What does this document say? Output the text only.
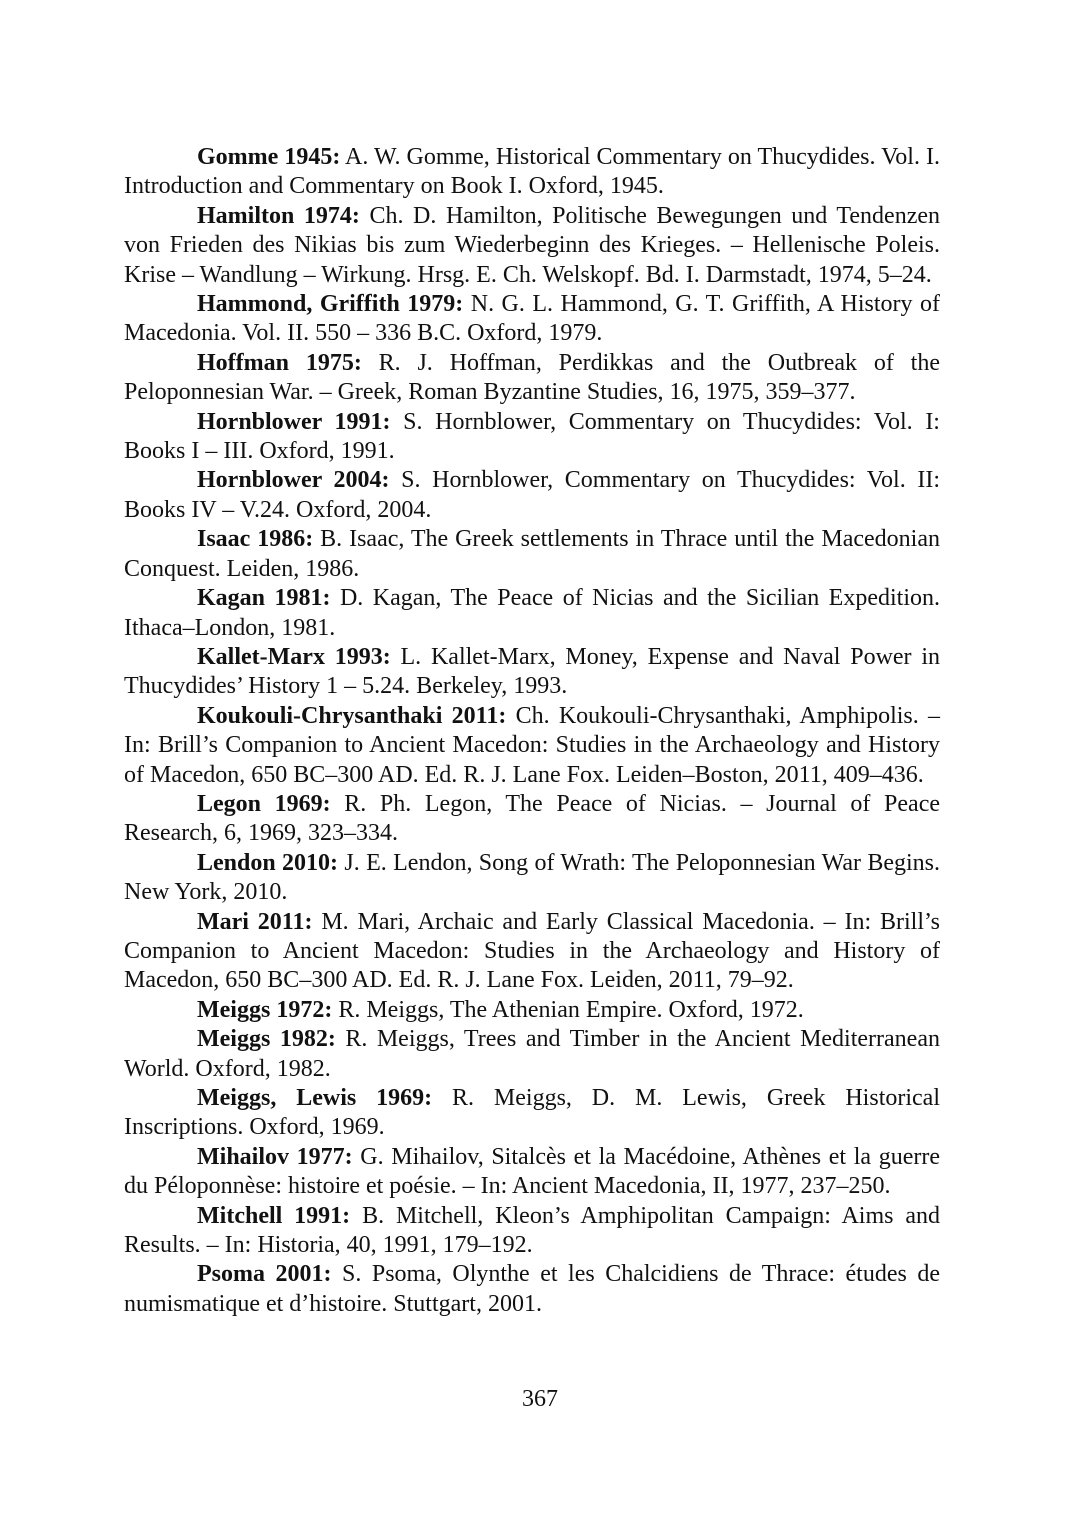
Gomme 1945: A. W. Gomme, Historical Commentary on Thucydides. Vol. I. Introduction and Commentary on Book I. Oxford, 1945.

Hamilton 1974: Ch. D. Hamilton, Politische Bewegungen und Tendenzen von Frieden des Nikias bis zum Wiederbeginn des Krieges. – Hellenische Poleis. Krise – Wandlung – Wirkung. Hrsg. E. Ch. Welskopf. Bd. I. Darmstadt, 1974, 5–24.

Hammond, Griffith 1979: N. G. L. Hammond, G. T. Griffith, A History of Macedonia. Vol. II. 550 – 336 B.C. Oxford, 1979.

Hoffman 1975: R. J. Hoffman, Perdikkas and the Outbreak of the Peloponnesian War. – Greek, Roman Byzantine Studies, 16, 1975, 359–377.

Hornblower 1991: S. Hornblower, Commentary on Thucydides: Vol. I: Books I – III. Oxford, 1991.

Hornblower 2004: S. Hornblower, Commentary on Thucydides: Vol. II: Books IV – V.24. Oxford, 2004.

Isaac 1986: B. Isaac, The Greek settlements in Thrace until the Macedonian Conquest. Leiden, 1986.

Kagan 1981: D. Kagan, The Peace of Nicias and the Sicilian Expedition. Ithaca–London, 1981.

Kallet-Marx 1993: L. Kallet-Marx, Money, Expense and Naval Power in Thucydides’ History 1 – 5.24. Berkeley, 1993.

Koukouli-Chrysanthaki 2011: Ch. Koukouli-Chrysanthaki, Amphipolis. – In: Brill’s Companion to Ancient Macedon: Studies in the Archaeology and History of Macedon, 650 BC–300 AD. Ed. R. J. Lane Fox. Leiden–Boston, 2011, 409–436.

Legon 1969: R. Ph. Legon, The Peace of Nicias. – Journal of Peace Research, 6, 1969, 323–334.

Lendon 2010: J. E. Lendon, Song of Wrath: The Peloponnesian War Begins. New York, 2010.

Mari 2011: M. Mari, Archaic and Early Classical Macedonia. – In: Brill’s Companion to Ancient Macedon: Studies in the Archaeology and History of Macedon, 650 BC–300 AD. Ed. R. J. Lane Fox. Leiden, 2011, 79–92.

Meiggs 1972: R. Meiggs, The Athenian Empire. Oxford, 1972.

Meiggs 1982: R. Meiggs, Trees and Timber in the Ancient Mediterranean World. Oxford, 1982.

Meiggs, Lewis 1969: R. Meiggs, D. M. Lewis, Greek Historical Inscriptions. Oxford, 1969.

Mihailov 1977: G. Mihailov, Sitalcès et la Macédoine, Athènes et la guerre du Péloponnèse: histoire et poésie. – In: Ancient Macedonia, II, 1977, 237–250.

Mitchell 1991: B. Mitchell, Kleon’s Amphipolitan Campaign: Aims and Results. – In: Historia, 40, 1991, 179–192.

Psoma 2001: S. Psoma, Olynthe et les Chalcidiens de Thrace: études de numismatique et d’histoire. Stuttgart, 2001.

367
